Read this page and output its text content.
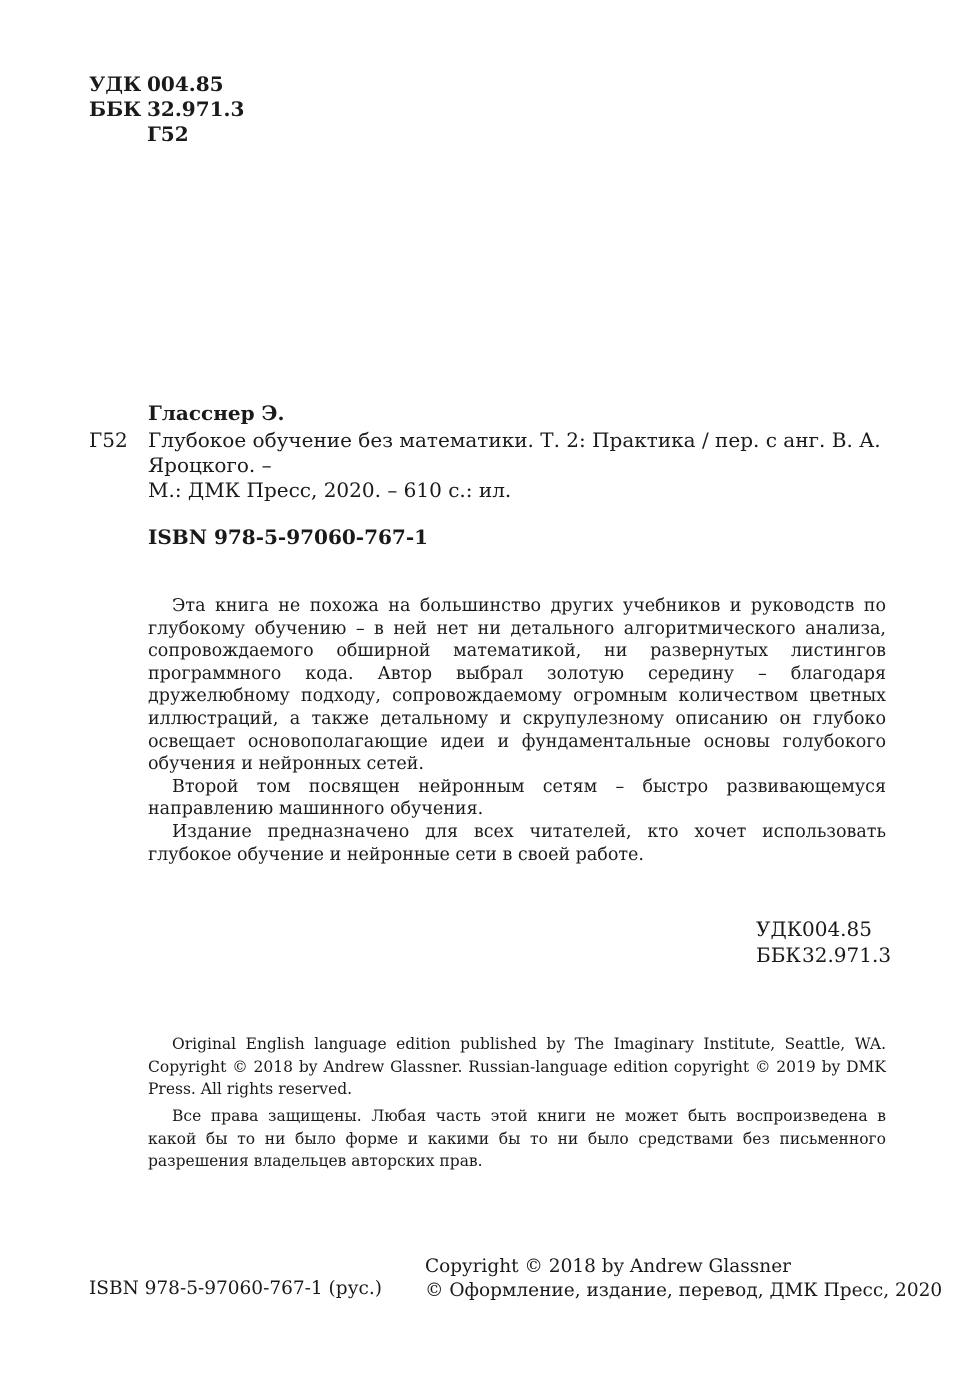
УДК 004.85
ББК 32.971.3
Г52
Гласснер Э.
Г52 Глубокое обучение без математики. Т. 2: Практика / пер. с анг. В. А. Яроцкого. –
М.: ДМК Пресс, 2020. – 610 с.: ил.
ISBN 978-5-97060-767-1

Эта книга не похожа на большинство других учебников и руководств по глубокому обучению – в ней нет ни детального алгоритмического анализа, сопровождаемого обширной математикой, ни развернутых листингов программного кода. Автор выбрал золотую середину – благодаря дружелюбному подходу, сопровождаемому огромным количеством цветных иллюстраций, а также детальному и скрупулезному описанию он глубоко освещает основополагающие идеи и фундаментальные основы голубокого обучения и нейронных сетей.

Второй том посвящен нейронным сетям – быстро развивающемуся направлению машинного обучения.

Издание предназначено для всех читателей, кто хочет использовать глубокое обучение и нейронные сети в своей работе.

УДК 004.85
ББК 32.971.3

Original English language edition published by The Imaginary Institute, Seattle, WA. Copyright © 2018 by Andrew Glassner. Russian-language edition copyright © 2019 by DMK Press. All rights reserved.

Все права защищены. Любая часть этой книги не может быть воспроизведена в какой бы то ни было форме и какими бы то ни было средствами без письменного разрешения владельцев авторских прав.

ISBN 978-5-97060-767-1 (рус.)
Copyright © 2018 by Andrew Glassner
© Оформление, издание, перевод, ДМК Пресс, 2020
